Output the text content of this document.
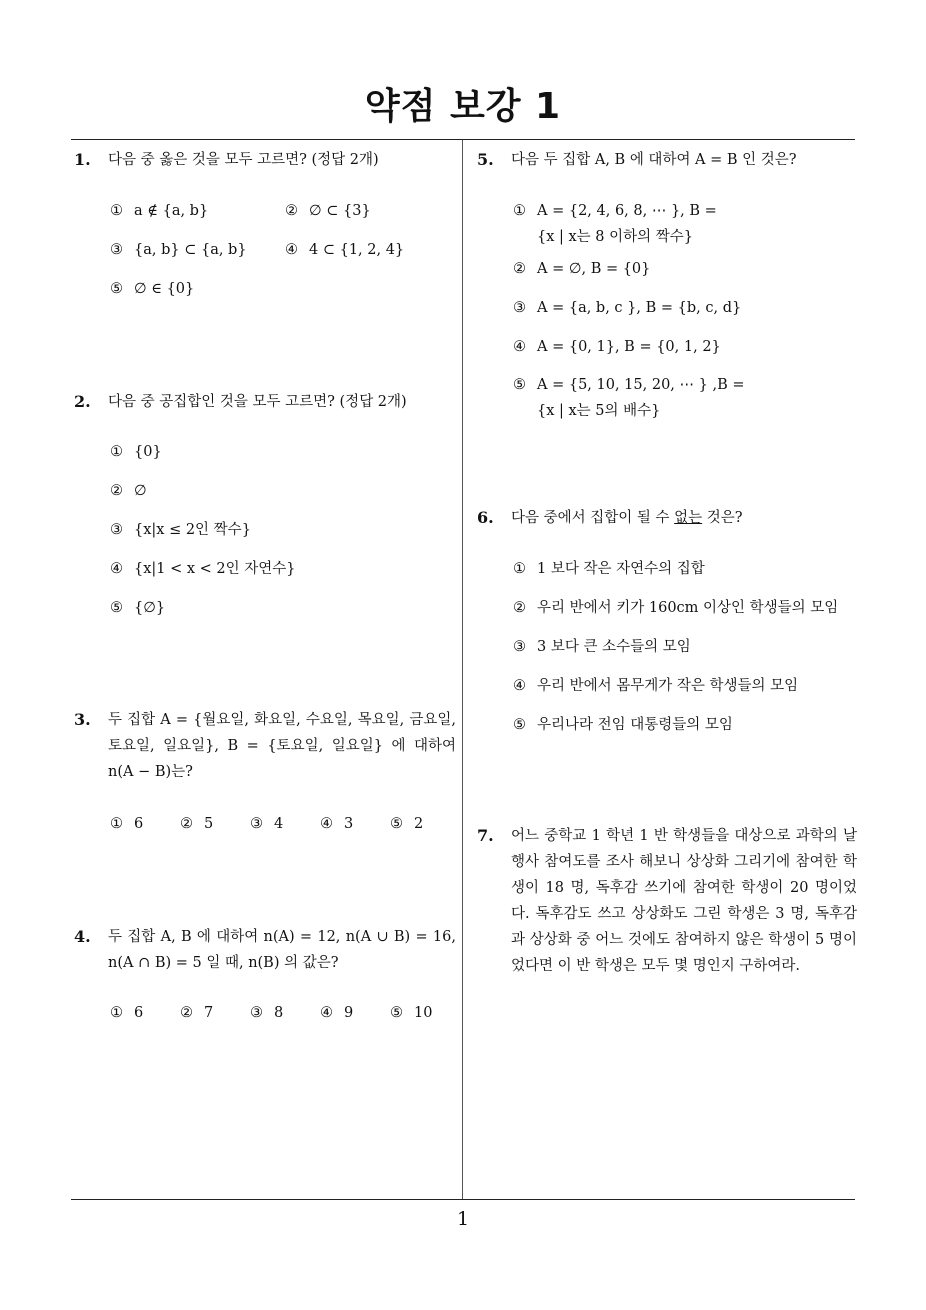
약점 보강 1
1. 다음 중 옳은 것을 모두 고르면? (정답 2개)
① a ∉ {a, b}	② ∅ ⊂ {3}
③ {a, b} ⊂ {a, b}	④ 4 ⊂ {1, 2, 4}
⑤ ∅ ∈ {0}
2. 다음 중 공집합인 것을 모두 고르면? (정답 2개)
① {0}
② ∅
③ {x|x ≤ 2인 짝수}
④ {x|1 < x < 2인 자연수}
⑤ {∅}
3. 두 집합 A = {월요일, 화요일, 수요일, 목요일, 금요일, 토요일, 일요일}, B = {토요일, 일요일} 에 대하여 n(A − B)는?
① 6	② 5	③ 4	④ 3	⑤ 2
4. 두 집합 A, B 에 대하여 n(A) = 12, n(A ∪ B) = 16, n(A ∩ B) = 5 일 때, n(B) 의 값은?
① 6	② 7	③ 8	④ 9	⑤ 10
5. 다음 두 집합 A, B 에 대하여 A = B 인 것은?
① A = {2, 4, 6, 8, ⋯ }, B =
{x | x는 8 이하의 짝수}
② A = ∅, B = {0}
③ A = {a, b, c }, B = {b, c, d}
④ A = {0, 1}, B = {0, 1, 2}
⑤ A = {5, 10, 15, 20, ⋯ } ,B =
{x | x는 5의 배수}
6. 다음 중에서 집합이 될 수 없는 것은?
① 1 보다 작은 자연수의 집합
② 우리 반에서 키가 160cm 이상인 학생들의 모임
③ 3 보다 큰 소수들의 모임
④ 우리 반에서 몸무게가 작은 학생들의 모임
⑤ 우리나라 전임 대통령들의 모임
7. 어느 중학교 1 학년 1 반 학생들을 대상으로 과학의 날 행사 참여도를 조사 해보니 상상화 그리기에 참여한 학생이 18 명, 독후감 쓰기에 참여한 학생이 20 명이었다. 독후감도 쓰고 상상화도 그린 학생은 3 명, 독후감과 상상화 중 어느 것에도 참여하지 않은 학생이 5 명이었다면 이 반 학생은 모두 몇 명인지 구하여라.
1
